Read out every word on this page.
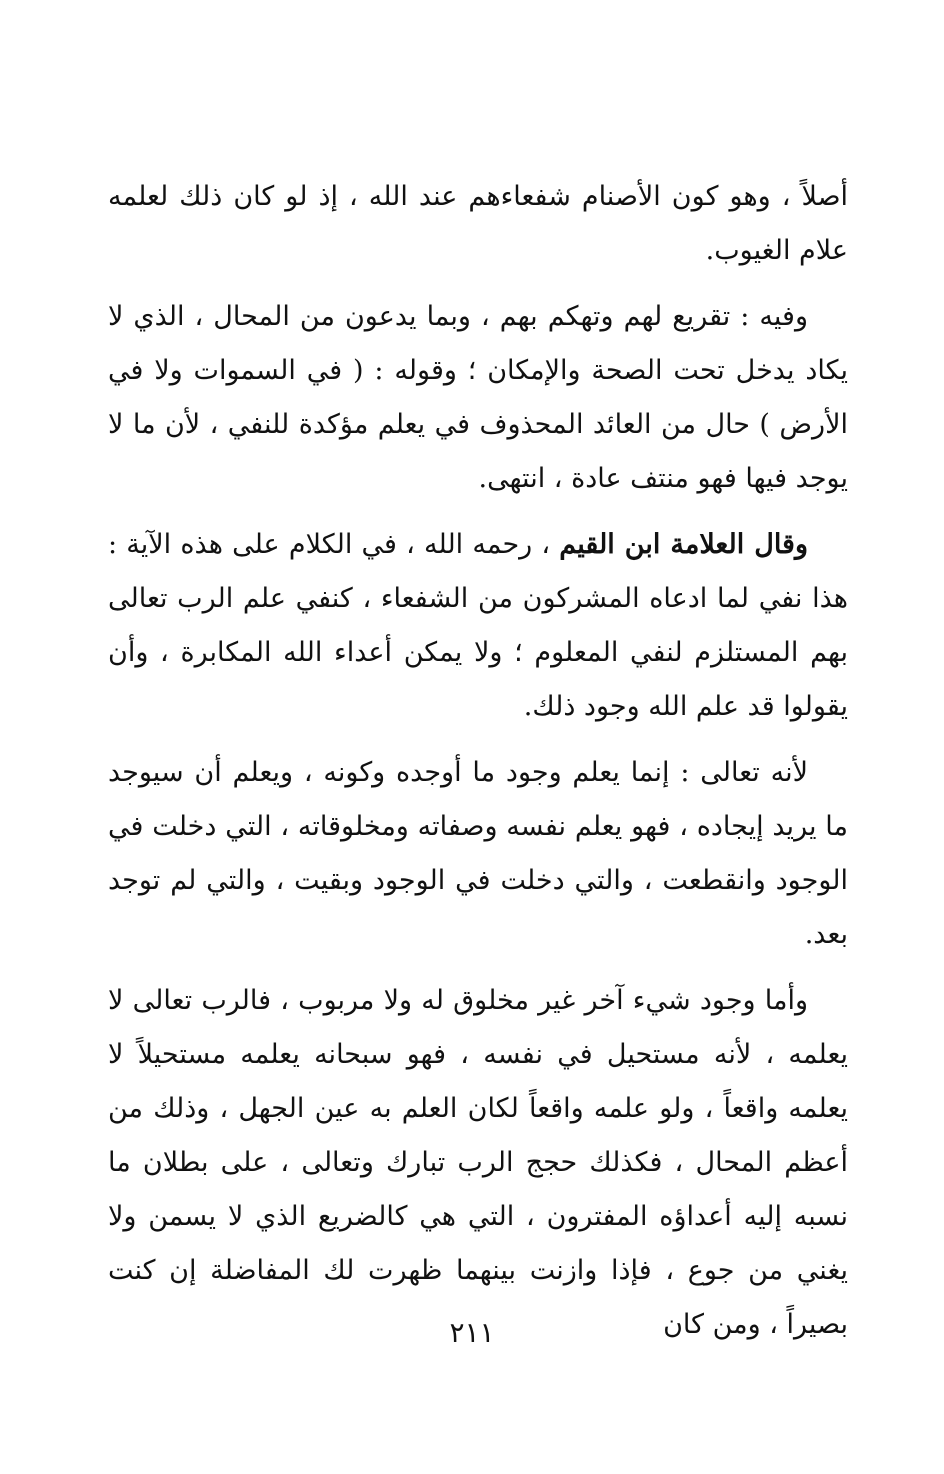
أصلاً ، وهو كون الأصنام شفعاءهم عند الله ، إذ لو كان ذلك لعلمه علام الغيوب.

وفيه : تقريع لهم وتهكم بهم ، وبما يدعون من المحال ، الذي لا يكاد يدخل تحت الصحة والإمكان ؛ وقوله : ( في السموات ولا في الأرض ) حال من العائد المحذوف في يعلم مؤكدة للنفي ، لأن ما لا يوجد فيها فهو منتف عادة ، انتهى.

وقال العلامة ابن القيم ، رحمه الله ، في الكلام على هذه الآية : هذا نفي لما ادعاه المشركون من الشفعاء ، كنفي علم الرب تعالى بهم المستلزم لنفي المعلوم ؛ ولا يمكن أعداء الله المكابرة ، وأن يقولوا قد علم الله وجود ذلك.

لأنه تعالى : إنما يعلم وجود ما أوجده وكونه ، ويعلم أن سيوجد ما يريد إيجاده ، فهو يعلم نفسه وصفاته ومخلوقاته ، التي دخلت في الوجود وانقطعت ، والتي دخلت في الوجود وبقيت ، والتي لم توجد بعد.

وأما وجود شيء آخر غير مخلوق له ولا مربوب ، فالرب تعالى لا يعلمه ، لأنه مستحيل في نفسه ، فهو سبحانه يعلمه مستحيلاً لا يعلمه واقعاً ، ولو علمه واقعاً لكان العلم به عين الجهل ، وذلك من أعظم المحال ، فكذلك حجج الرب تبارك وتعالى ، على بطلان ما نسبه إليه أعداؤه المفترون ، التي هي كالضريع الذي لا يسمن ولا يغني من جوع ، فإذا وازنت بينهما ظهرت لك المفاضلة إن كنت بصيراً ، ومن كان

٢١١
